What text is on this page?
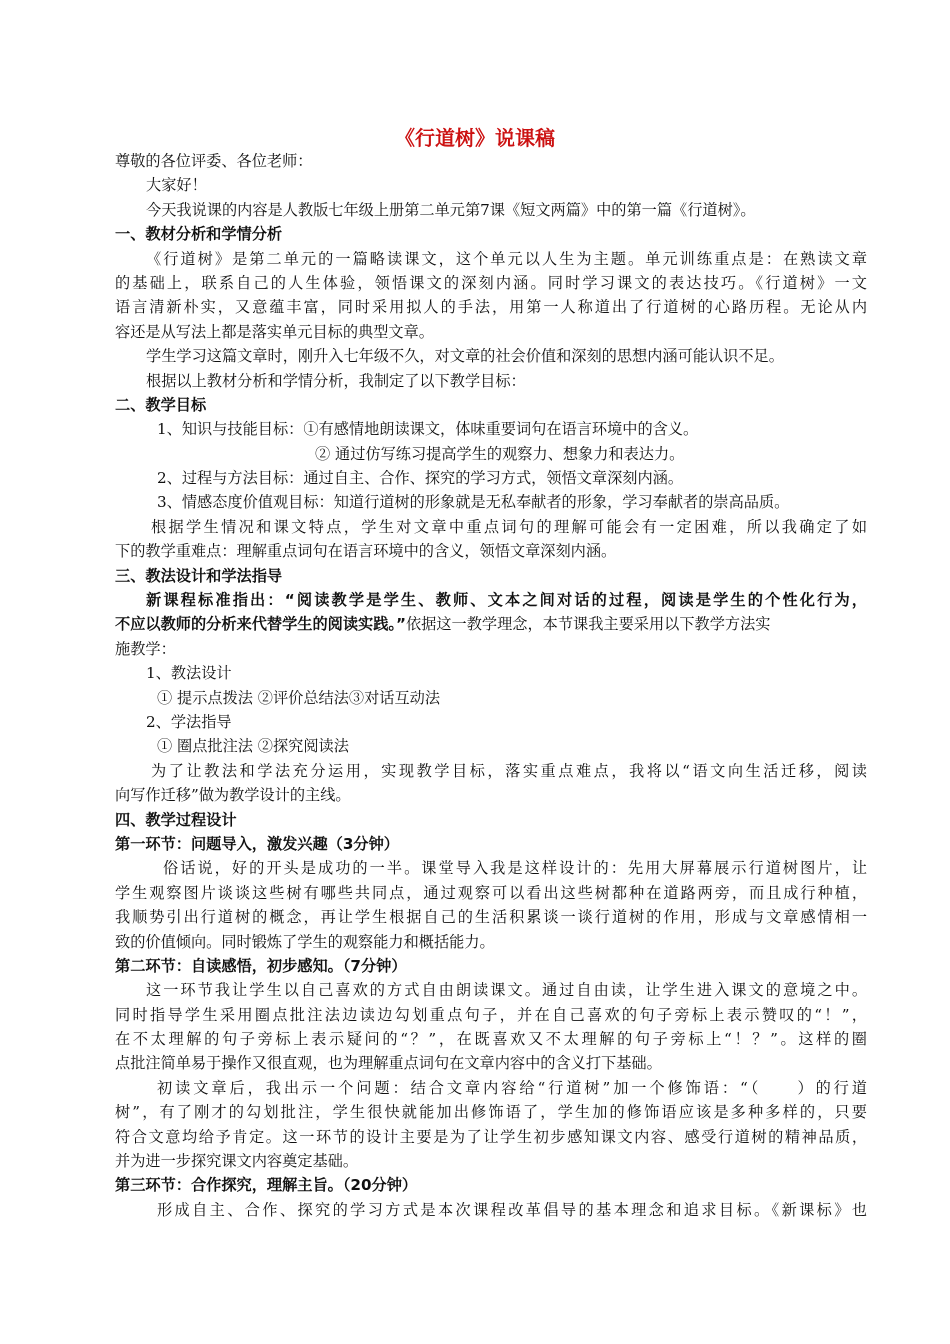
《行道树》说课稿
尊敬的各位评委、各位老师：
大家好！
今天我说课的内容是人教版七年级上册第二单元第7课《短文两篇》中的第一篇《行道树》。
一、教材分析和学情分析
《行道树》是第二单元的一篇略读课文，这个单元以人生为主题。单元训练重点是：在熟读文章
的基础上，联系自己的人生体验，领悟课文的深刻内涵。同时学习课文的表达技巧。《行道树》一文
语言清新朴实，又意蕴丰富，同时采用拟人的手法，用第一人称道出了行道树的心路历程。无论从内
容还是从写法上都是落实单元目标的典型文章。
学生学习这篇文章时，刚升入七年级不久，对文章的社会价值和深刻的思想内涵可能认识不足。
根据以上教材分析和学情分析，我制定了以下教学目标：
二、教学目标
1、知识与技能目标：①有感情地朗读课文，体味重要词句在语言环境中的含义。
② 通过仿写练习提高学生的观察力、想象力和表达力。
2、过程与方法目标：通过自主、合作、探究的学习方式，领悟文章深刻内涵。
3、情感态度价值观目标：知道行道树的形象就是无私奉献者的形象，学习奉献者的崇高品质。
根据学生情况和课文特点，学生对文章中重点词句的理解可能会有一定困难，所以我确定了如
下的教学重难点：理解重点词句在语言环境中的含义，领悟文章深刻内涵。
三、教法设计和学法指导
新课程标准指出：“阅读教学是学生、教师、文本之间对话的过程，阅读是学生的个性化行为，
不应以教师的分析来代替学生的阅读实践。”依据这一教学理念，本节课我主要采用以下教学方法实
施教学：
1、教法设计
① 提示点拨法 ②评价总结法③对话互动法
2、学法指导
① 圈点批注法 ②探究阅读法
为了让教法和学法充分运用，实现教学目标，落实重点难点，我将以“语文向生活迁移，阅读
向写作迁移”做为教学设计的主线。
四、教学过程设计
第一环节：问题导入，激发兴趣（3分钟）
俗话说，好的开头是成功的一半。课堂导入我是这样设计的：先用大屏幕展示行道树图片，让
学生观察图片谈谈这些树有哪些共同点，通过观察可以看出这些树都种在道路两旁，而且成行种植，
我顺势引出行道树的概念，再让学生根据自己的生活积累谈一谈行道树的作用，形成与文章感情相一
致的价值倾向。同时锻炼了学生的观察能力和概括能力。
第二环节：自读感悟，初步感知。（7分钟）
这一环节我让学生以自己喜欢的方式自由朗读课文。通过自由读，让学生进入课文的意境之中。
同时指导学生采用圈点批注法边读边勾划重点句子，并在自己喜欢的句子旁标上表示赞叹的“！”，
在不太理解的句子旁标上表示疑问的“？”，在既喜欢又不太理解的句子旁标上“！？”。这样的圈
点批注简单易于操作又很直观，也为理解重点词句在文章内容中的含义打下基础。
初读文章后，我出示一个问题：结合文章内容给“行道树”加一个修饰语：“（　　）的行道
树”，有了刚才的勾划批注，学生很快就能加出修饰语了，学生加的修饰语应该是多种多样的，只要
符合文意均给予肯定。这一环节的设计主要是为了让学生初步感知课文内容、感受行道树的精神品质，
并为进一步探究课文内容奠定基础。
第三环节：合作探究，理解主旨。（20分钟）
形成自主、合作、探究的学习方式是本次课程改革倡导的基本理念和追求目标。《新课标》也
